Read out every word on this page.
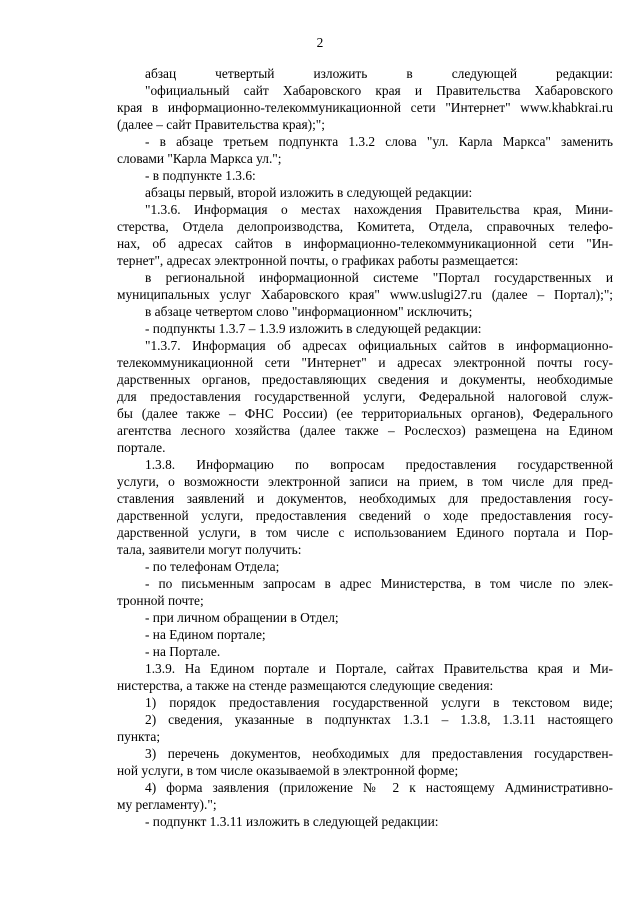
2
абзац четвертый изложить в следующей редакции:
"официальный сайт Хабаровского края и Правительства Хабаровского
края в информационно-телекоммуникационной сети "Интернет" www.khabkrai.ru
(далее – сайт Правительства края);";
- в абзаце третьем подпункта 1.3.2 слова "ул. Карла Маркса" заменить
словами "Карла Маркса ул.";
- в подпункте 1.3.6:
абзацы первый, второй изложить в следующей редакции:
"1.3.6. Информация о местах нахождения Правительства края, Мини-
стерства, Отдела делопроизводства, Комитета, Отдела, справочных телефо-
нах, об адресах сайтов в информационно-телекоммуникационной сети "Ин-
тернет", адресах электронной почты, о графиках работы размещается:
в региональной информационной системе "Портал государственных и
муниципальных услуг Хабаровского края" www.uslugi27.ru (далее – Портал);";
в абзаце четвертом слово "информационном" исключить;
- подпункты 1.3.7 – 1.3.9 изложить в следующей редакции:
"1.3.7. Информация об адресах официальных сайтов в информационно-
телекоммуникационной сети "Интернет" и адресах электронной почты госу-
дарственных органов, предоставляющих сведения и документы, необходимые
для предоставления государственной услуги, Федеральной налоговой служ-
бы (далее также – ФНС России) (ее территориальных органов), Федерального
агентства лесного хозяйства (далее также – Рослесхоз) размещена на Едином
портале.
1.3.8. Информацию по вопросам предоставления государственной
услуги, о возможности электронной записи на прием, в том числе для пред-
ставления заявлений и документов, необходимых для предоставления госу-
дарственной услуги, предоставления сведений о ходе предоставления госу-
дарственной услуги, в том числе с использованием Единого портала и Пор-
тала, заявители могут получить:
- по телефонам Отдела;
- по письменным запросам в адрес Министерства, в том числе по элек-
тронной почте;
- при личном обращении в Отдел;
- на Едином портале;
- на Портале.
1.3.9. На Едином портале и Портале, сайтах Правительства края и Ми-
нистерства, а также на стенде размещаются следующие сведения:
1) порядок предоставления государственной услуги в текстовом виде;
2) сведения, указанные в подпунктах 1.3.1 – 1.3.8, 1.3.11 настоящего
пункта;
3) перечень документов, необходимых для предоставления государствен-
ной услуги, в том числе оказываемой в электронной форме;
4) форма заявления (приложение № 2 к настоящему Административно-
му регламенту).";
- подпункт 1.3.11 изложить в следующей редакции:
